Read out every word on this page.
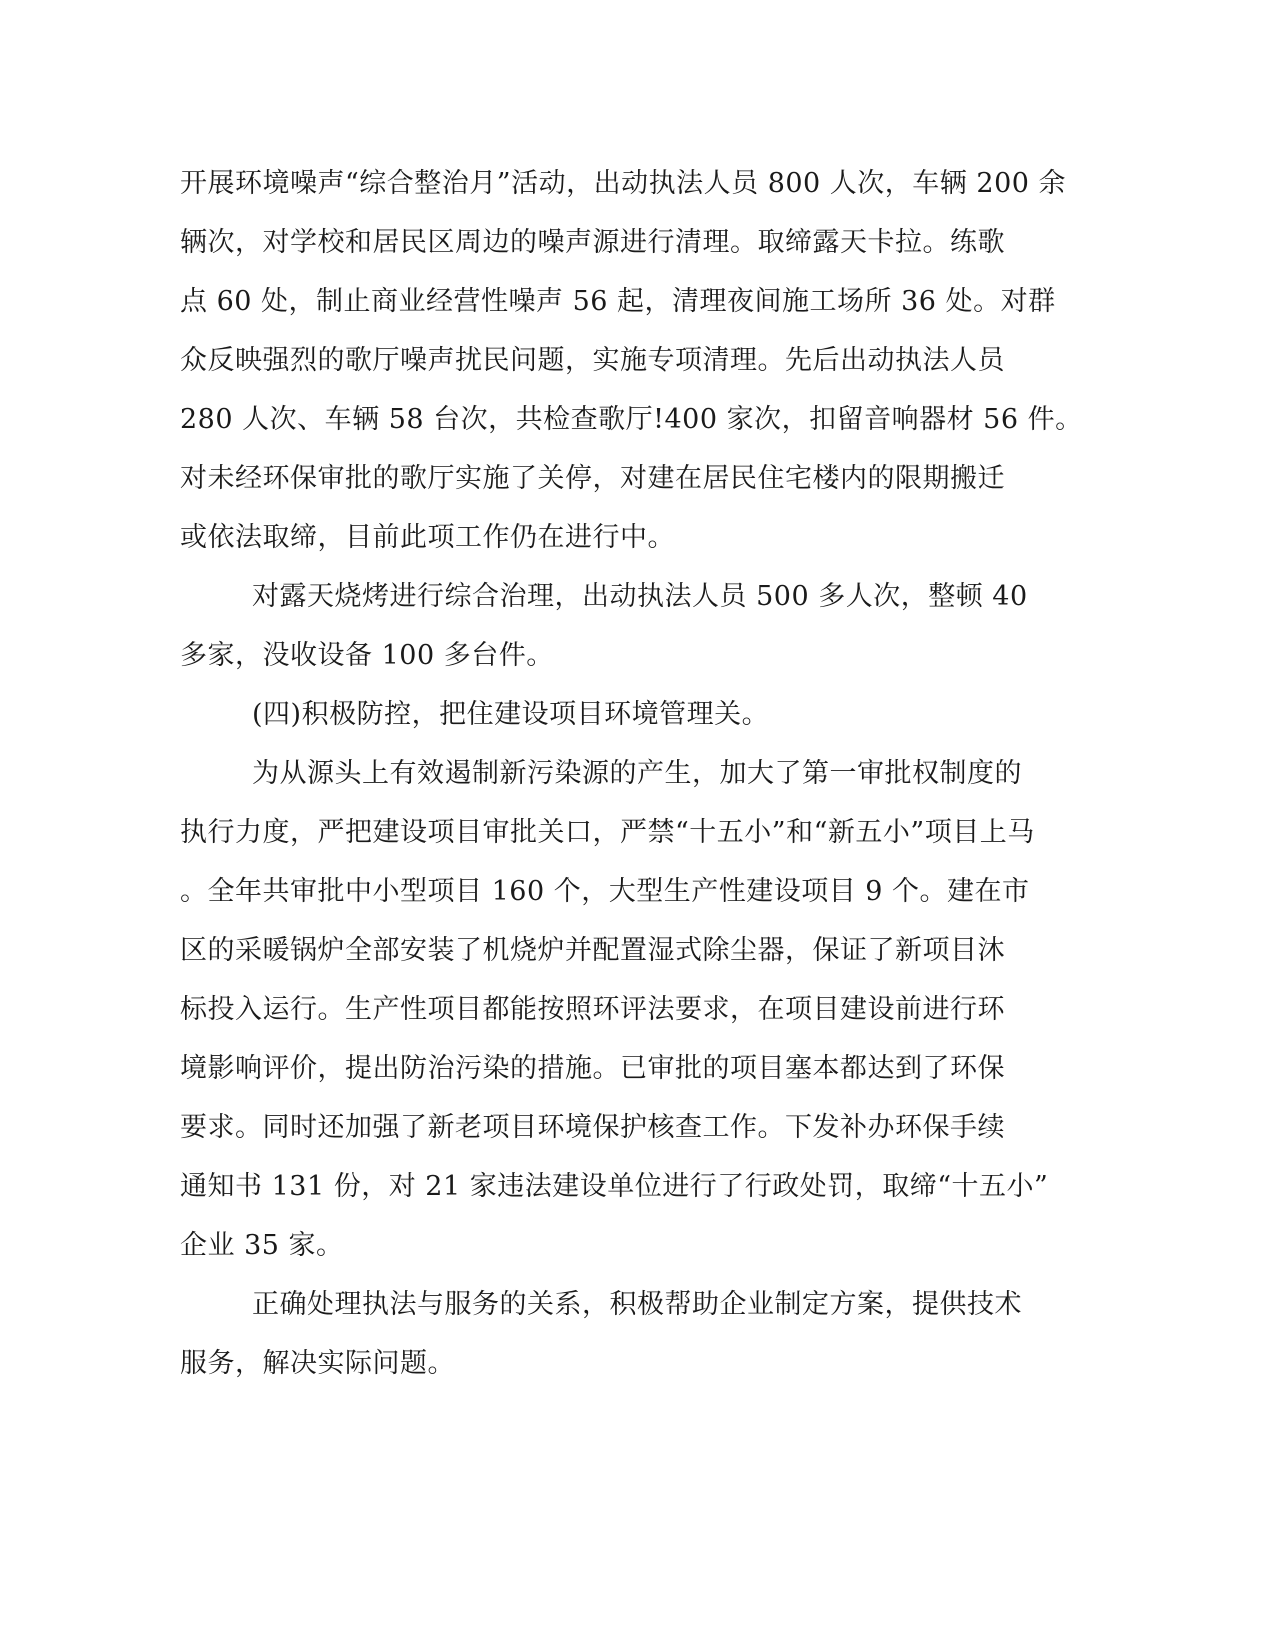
开展环境噪声“综合整治月”活动，出动执法人员 800 人次，车辆 200 余
辆次，对学校和居民区周边的噪声源进行清理。取缔露天卡拉。练歌
点 60 处，制止商业经营性噪声 56 起，清理夜间施工场所 36 处。对群
众反映强烈的歌厅噪声扰民问题，实施专项清理。先后出动执法人员
280 人次、车辆 58 台次，共检查歌厅!400 家次，扣留音响器材 56 件。
对未经环保审批的歌厅实施了关停，对建在居民住宅楼内的限期搬迁
或依法取缔，目前此项工作仍在进行中。
对露天烧烤进行综合治理，出动执法人员 500 多人次，整顿 40
多家，没收设备 100 多台件。
(四)积极防控，把住建设项目环境管理关。
为从源头上有效遏制新污染源的产生，加大了第一审批权制度的
执行力度，严把建设项目审批关口，严禁“十五小”和“新五小”项目上马
。全年共审批中小型项目 160 个，大型生产性建设项目 9 个。建在市
区的采暖锅炉全部安装了机烧炉并配置湿式除尘器，保证了新项目沐
标投入运行。生产性项目都能按照环评法要求，在项目建设前进行环
境影响评价，提出防治污染的措施。已审批的项目塞本都达到了环保
要求。同时还加强了新老项目环境保护核查工作。下发补办环保手续
通知书 131 份，对 21 家违法建设单位进行了行政处罚，取缔“十五小”
企业 35 家。
正确处理执法与服务的关系，积极帮助企业制定方案，提供技术
服务，解决实际问题。
